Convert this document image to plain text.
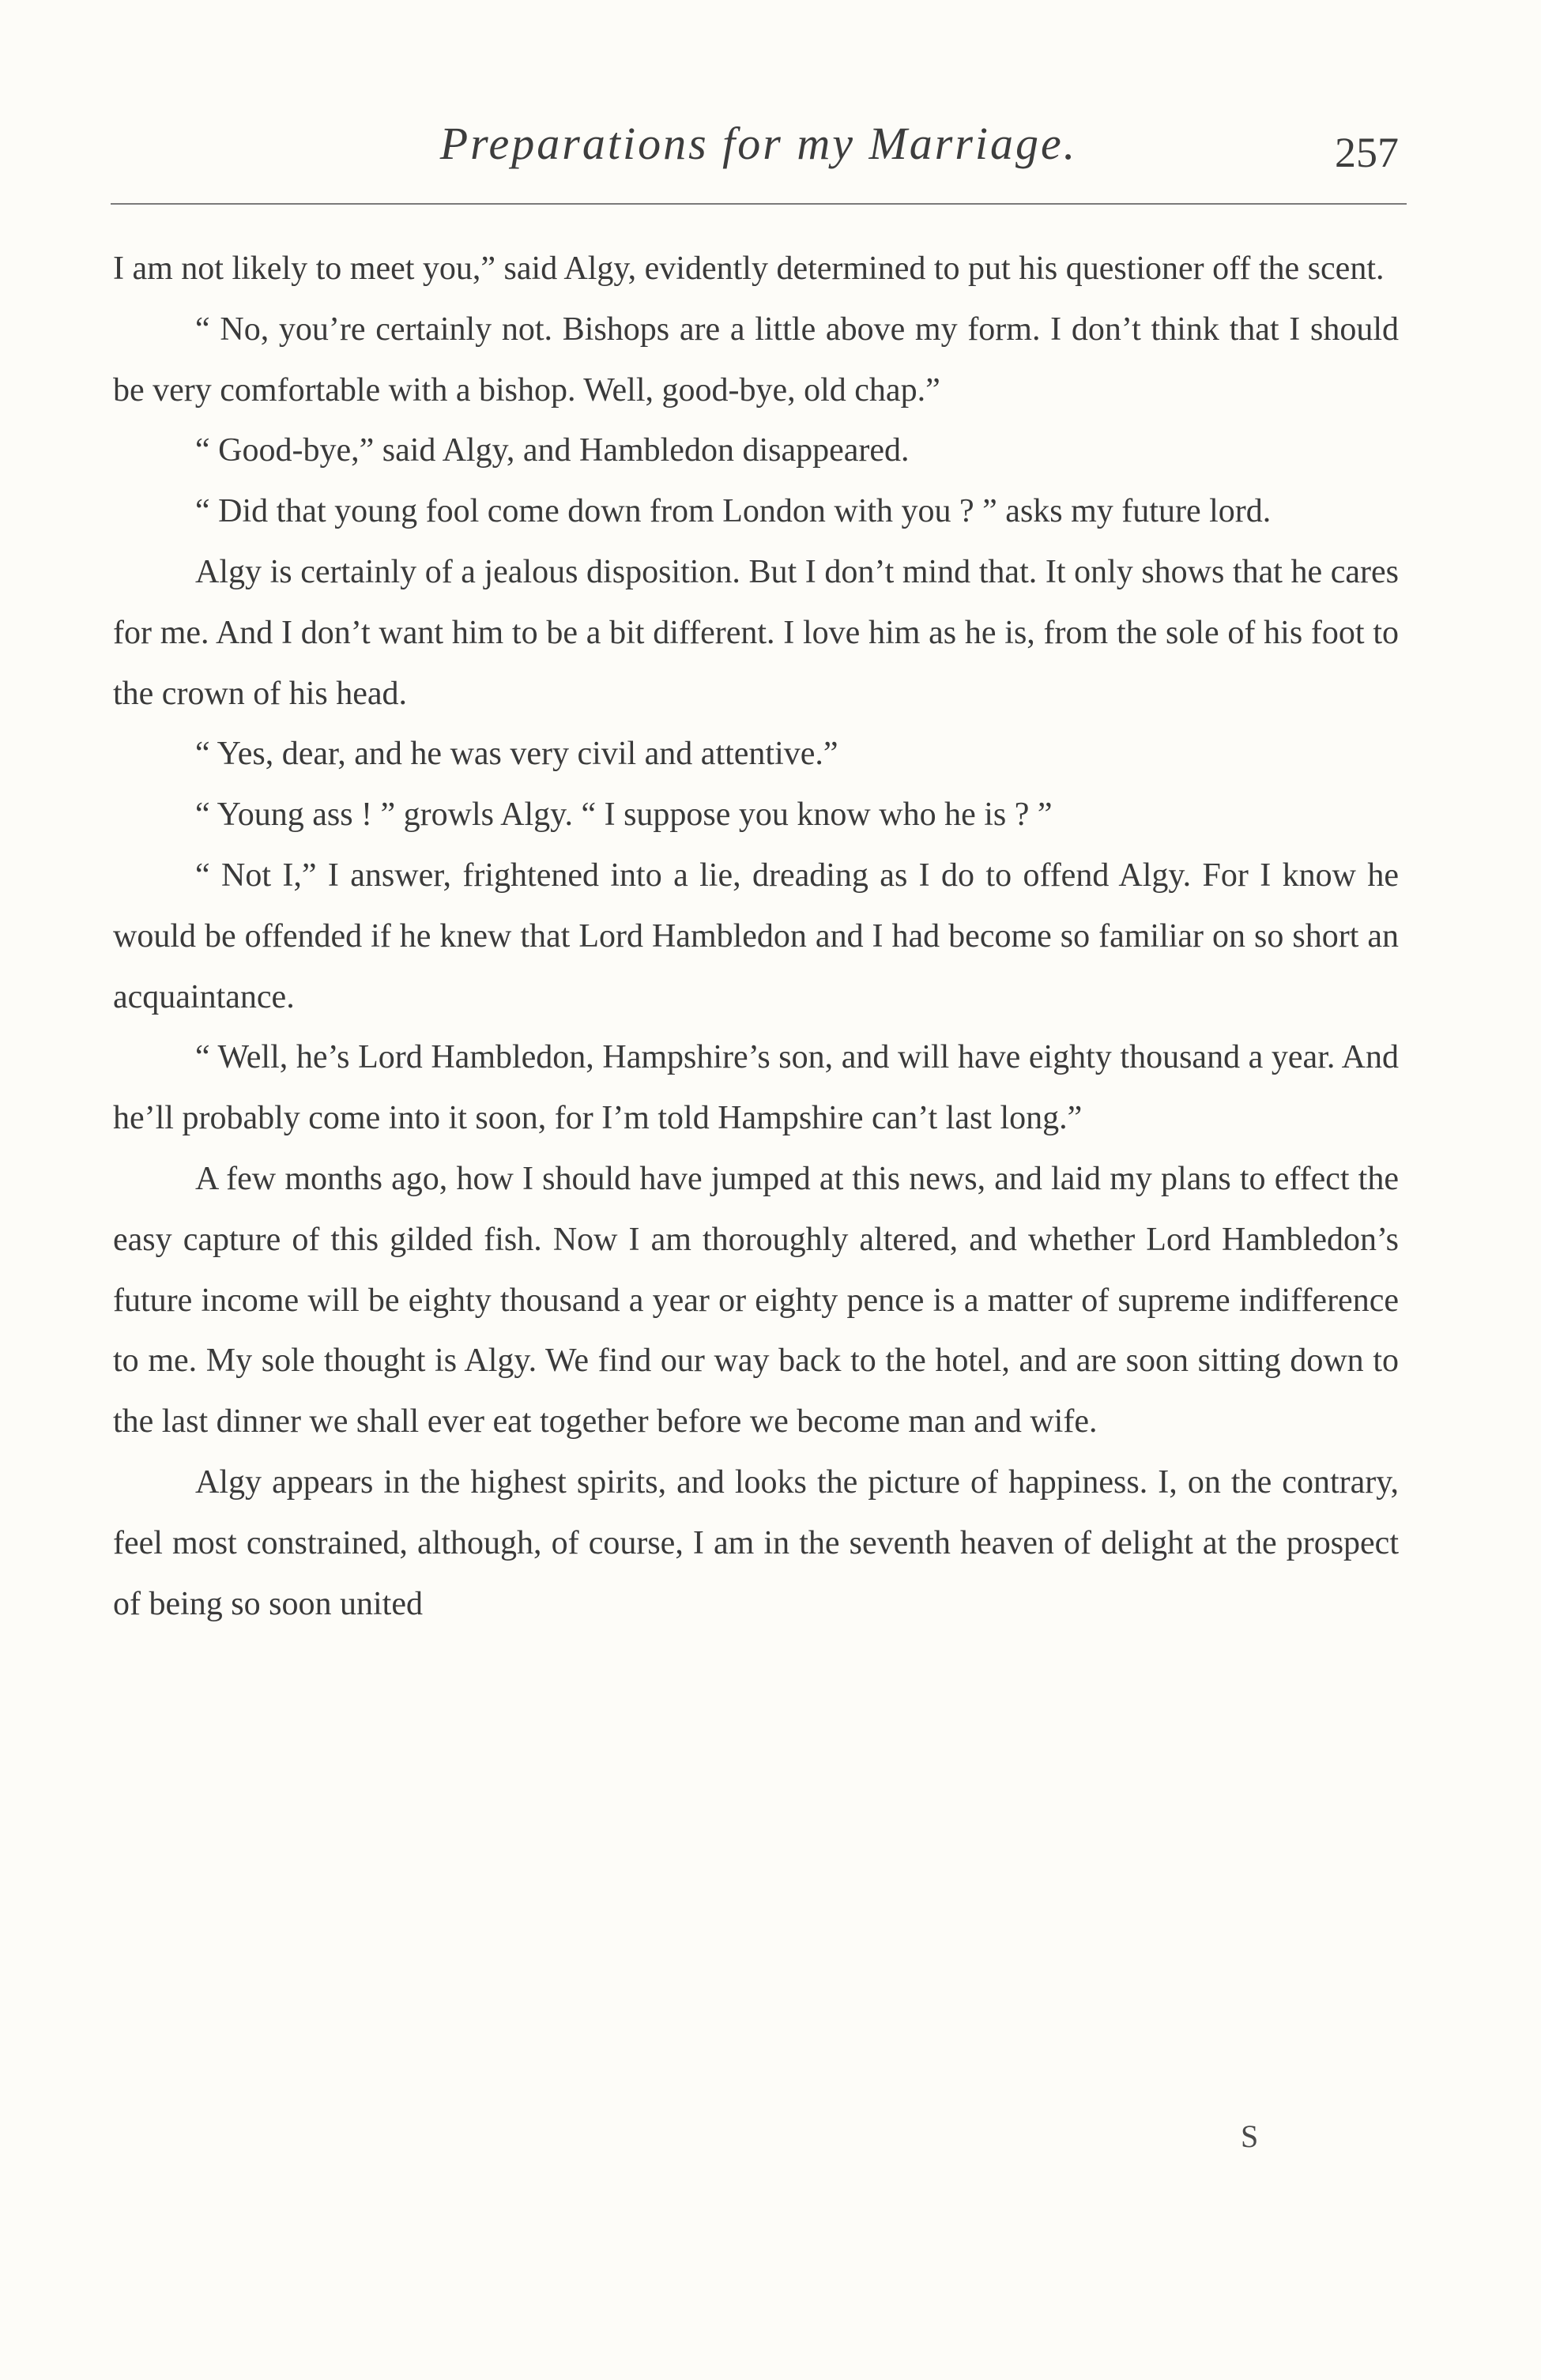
Preparations for my Marriage.	257

I am not likely to meet you,” said Algy, evidently determined to put his questioner off the scent.

“ No, you’re certainly not. Bishops are a little above my form. I don’t think that I should be very comfortable with a bishop. Well, good-bye, old chap.”

“ Good-bye,” said Algy, and Hambledon disappeared.

“ Did that young fool come down from London with you ? ” asks my future lord.

Algy is certainly of a jealous disposition. But I don’t mind that. It only shows that he cares for me. And I don’t want him to be a bit different. I love him as he is, from the sole of his foot to the crown of his head.

“ Yes, dear, and he was very civil and attentive.”

“ Young ass ! ” growls Algy. “ I suppose you know who he is ? ”

“ Not I,” I answer, frightened into a lie, dreading as I do to offend Algy. For I know he would be offended if he knew that Lord Hambledon and I had become so familiar on so short an acquaintance.

“ Well, he’s Lord Hambledon, Hampshire’s son, and will have eighty thousand a year. And he’ll probably come into it soon, for I’m told Hampshire can’t last long.”

A few months ago, how I should have jumped at this news, and laid my plans to effect the easy capture of this gilded fish. Now I am thoroughly altered, and whether Lord Hambledon’s future income will be eighty thousand a year or eighty pence is a matter of supreme indifference to me. My sole thought is Algy. We find our way back to the hotel, and are soon sitting down to the last dinner we shall ever eat together before we become man and wife.

Algy appears in the highest spirits, and looks the picture of happiness. I, on the contrary, feel most constrained, although, of course, I am in the seventh heaven of delight at the prospect of being so soon united

S
